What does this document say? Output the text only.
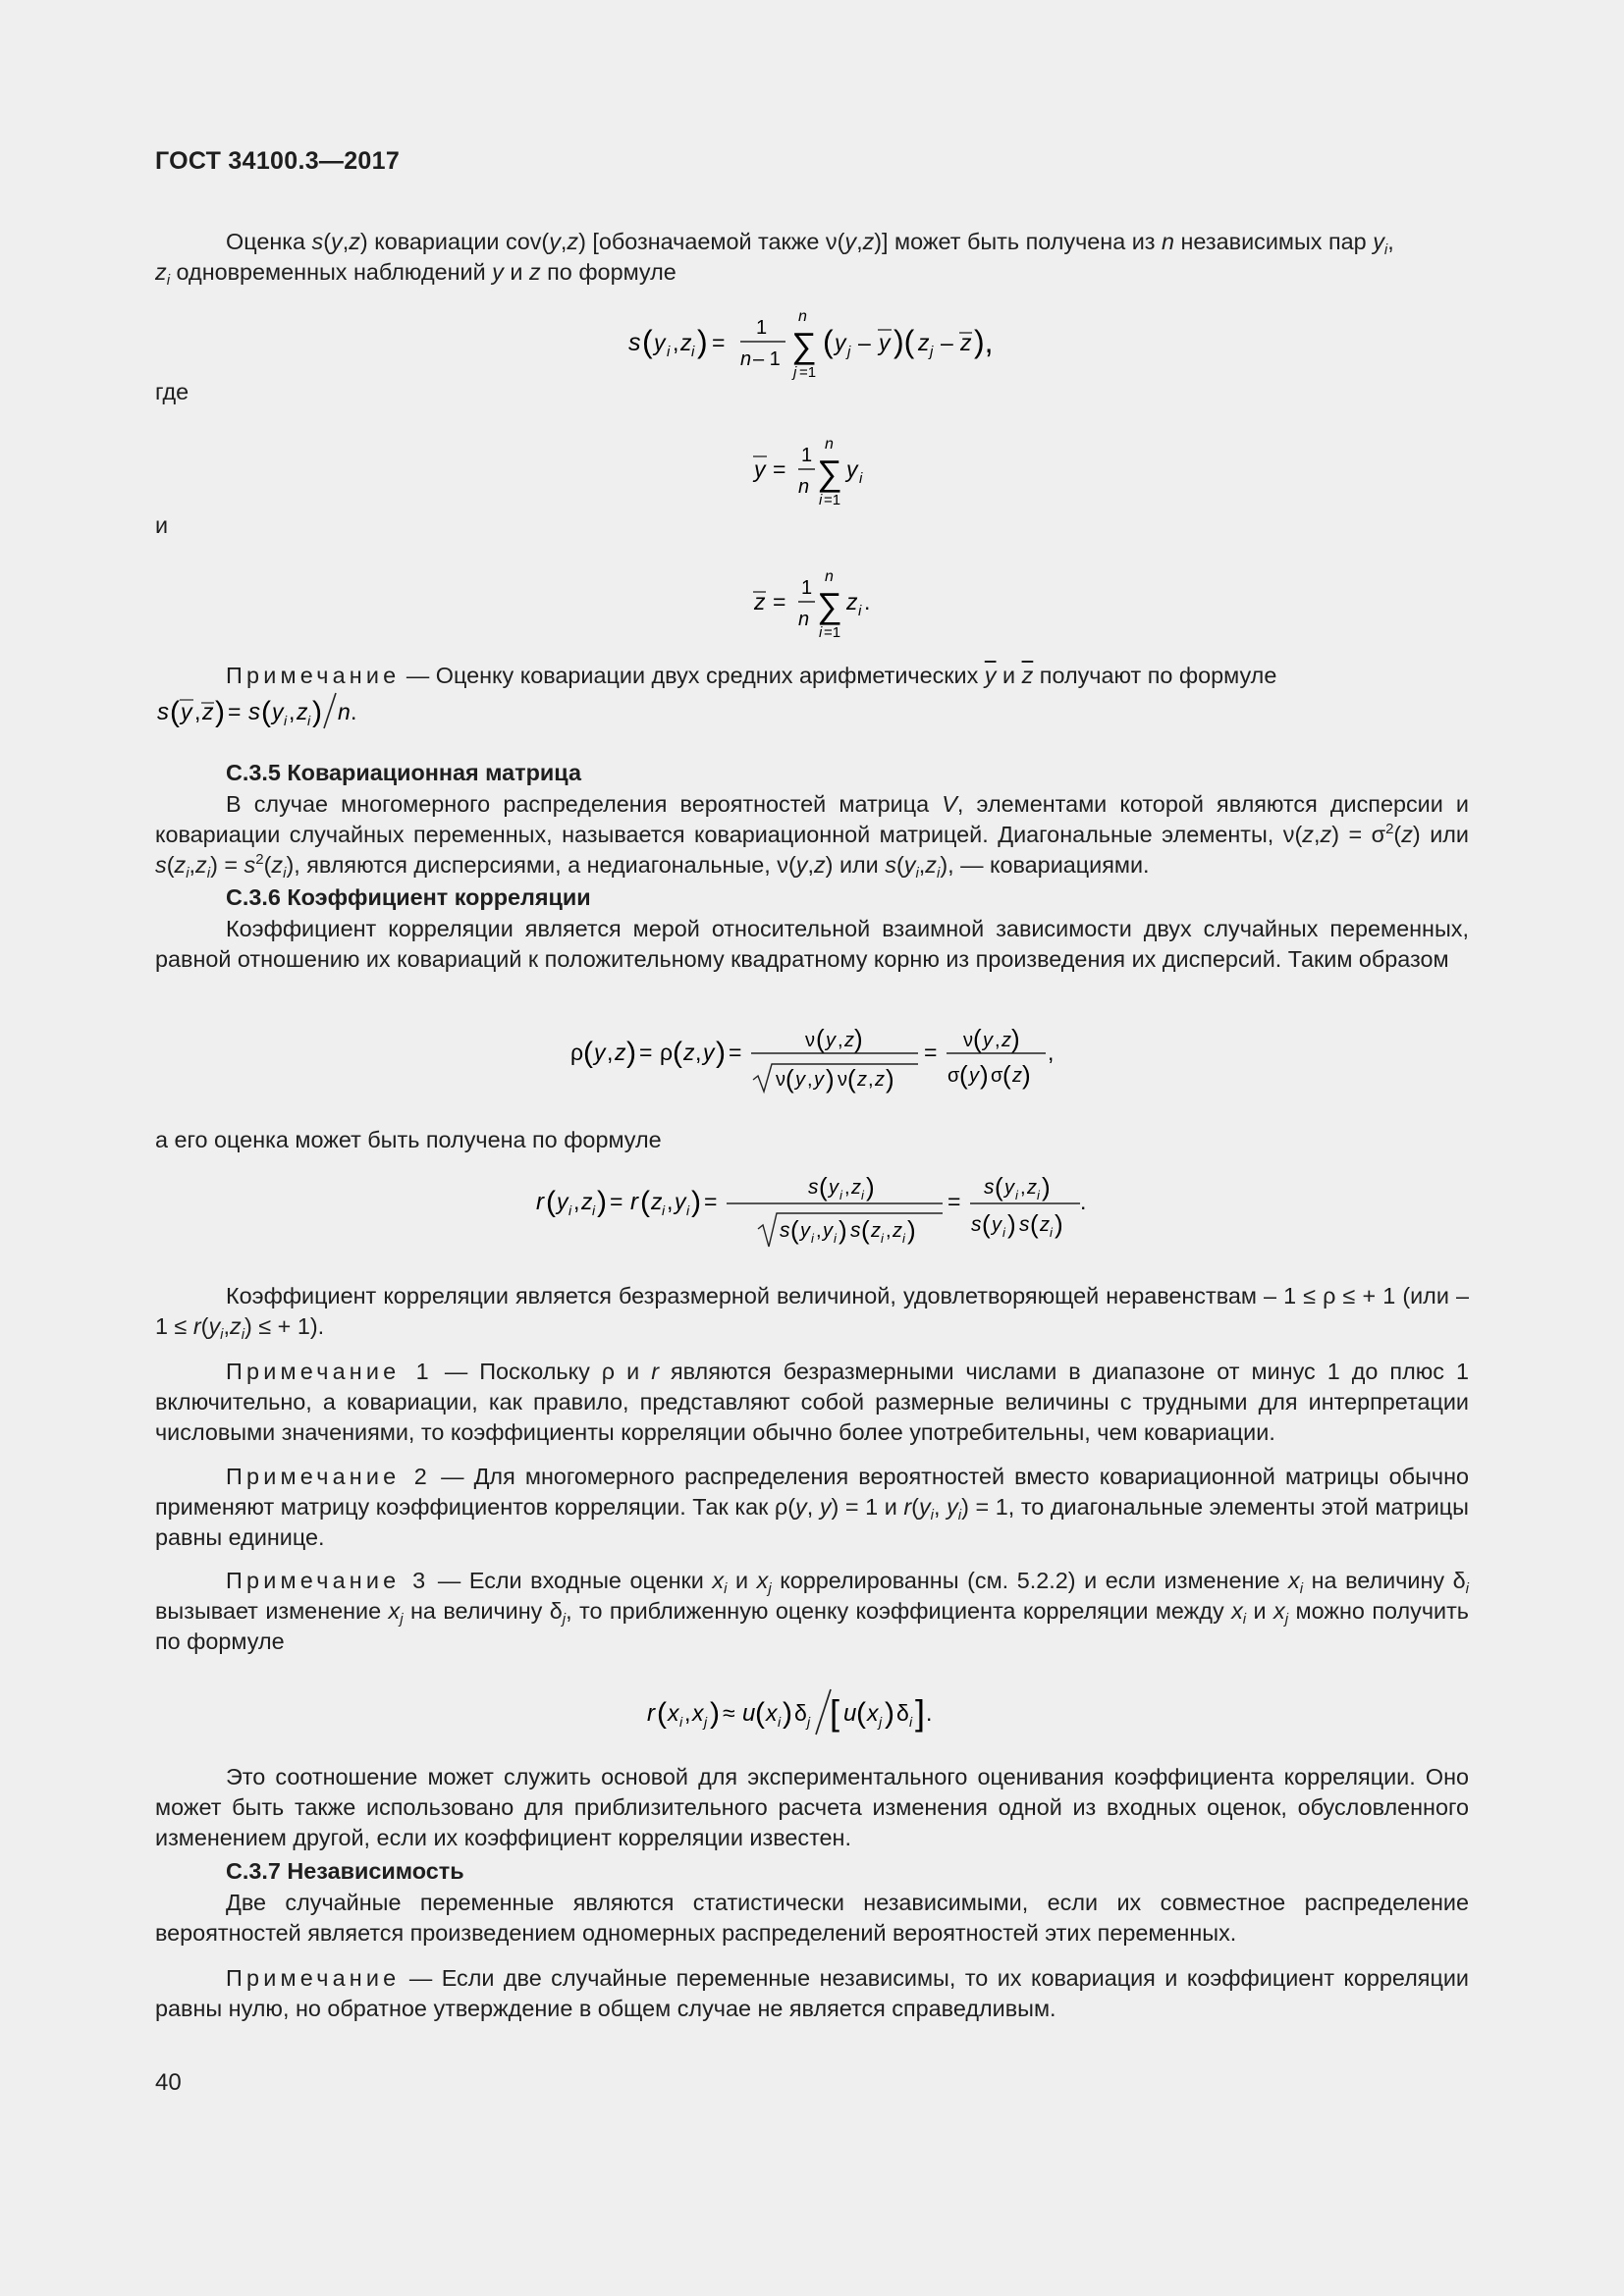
ГОСТ 34100.3—2017
Оценка s(y,z) ковариации cov(y,z) [обозначаемой также ν(y,z)] может быть получена из n независимых пар $y_i$,
$z_i$ одновременных наблюдений y и z по формуле
s ( y i , z i ) =
1
n – 1 ∑
n
j =1
( y j – y )( z j – z ),
где
y =
1
n ∑
n
i =1
y i
и
z =
1
n ∑
n
i =1
z i .
Примечание — Оценку ковариации двух средних арифметических $\overline{y}$ и $\overline{z}$ получают по формуле
s ( y , z ) = s ( y i , z i ) n .
С.3.5 Ковариационная матрица
В случае многомерного распределения вероятностей матрица V, элементами которой являются дисперсии и ковариации случайных переменных, называется ковариационной матрицей. Диагональные элементы, $\nu(z,z) = \sigma^2(z)$ или $s(z_i,z_i) = s^2(z_i)$, являются дисперсиями, а недиагональные, ν(y,z) или $s(y_i,z_i)$, — ковариациями.
С.3.6 Коэффициент корреляции
Коэффициент корреляции является мерой относительной взаимной зависимости двух случайных переменных, равной отношению их ковариаций к положительному квадратному корню из произведения их дисперсий. Таким образом
ρ ( y , z ) = ρ ( z , y ) =	ν ( y , z )
ν ( y , y ) ν ( z , z )
= ν ( y , z )
σ ( y ) σ ( z )
,
а его оценка может быть получена по формуле
r ( y i , z i ) = r ( z i , y i ) =
s ( y i , z i )
s ( y i , y i ) s ( z i , z i )
=
s ( y i , z i )
s ( y i ) s ( z i )
.
Коэффициент корреляции является безразмерной величиной, удовлетворяющей неравенствам – 1 ≤ ρ ≤ + 1 ($или - 1 \le r(y_i,z_i)$ ≤ + 1).
Примечание 1 — Поскольку ρ и r являются безразмерными числами в диапазоне от минус 1 до плюс 1 включительно, а ковариации, как правило, представляют собой размерные величины с трудными для интерпретации числовыми значениями, то коэффициенты корреляции обычно более употребительны, чем ковариации.
Примечание 2 — Для многомерного распределения вероятностей вместо ковариационной матрицы обычно применяют матрицу коэффициентов корреляции. Так как ρ(y, y) = 1 и $r(y_i$, $y_i) = 1$, то диагональные элементы этой матрицы равны единице.
Примечание 3 — Если входные оценки $x_i$ и $x_j$ коррелированны (см. 5.2.2) и если изменение $x_i$ на величину $\delta_i$ вызывает изменение $x_j$ на величину $\delta_j$, то приближенную оценку коэффициента корреляции между $x_i$ и $x_j$ можно получить по формуле
r ( x i , x j ) ≈ u ( x i ) δ j [ u ( x j ) δ i ] .
Это соотношение может служить основой для экспериментального оценивания коэффициента корреляции. Оно может быть также использовано для приблизительного расчета изменения одной из входных оценок, обусловленного изменением другой, если их коэффициент корреляции известен.
С.3.7 Независимость
Две случайные переменные являются статистически независимыми, если их совместное распределение вероятностей является произведением одномерных распределений вероятностей этих переменных.
Примечание — Если две случайные переменные независимы, то их ковариация и коэффициент корреляции равны нулю, но обратное утверждение в общем случае не является справедливым.
40
